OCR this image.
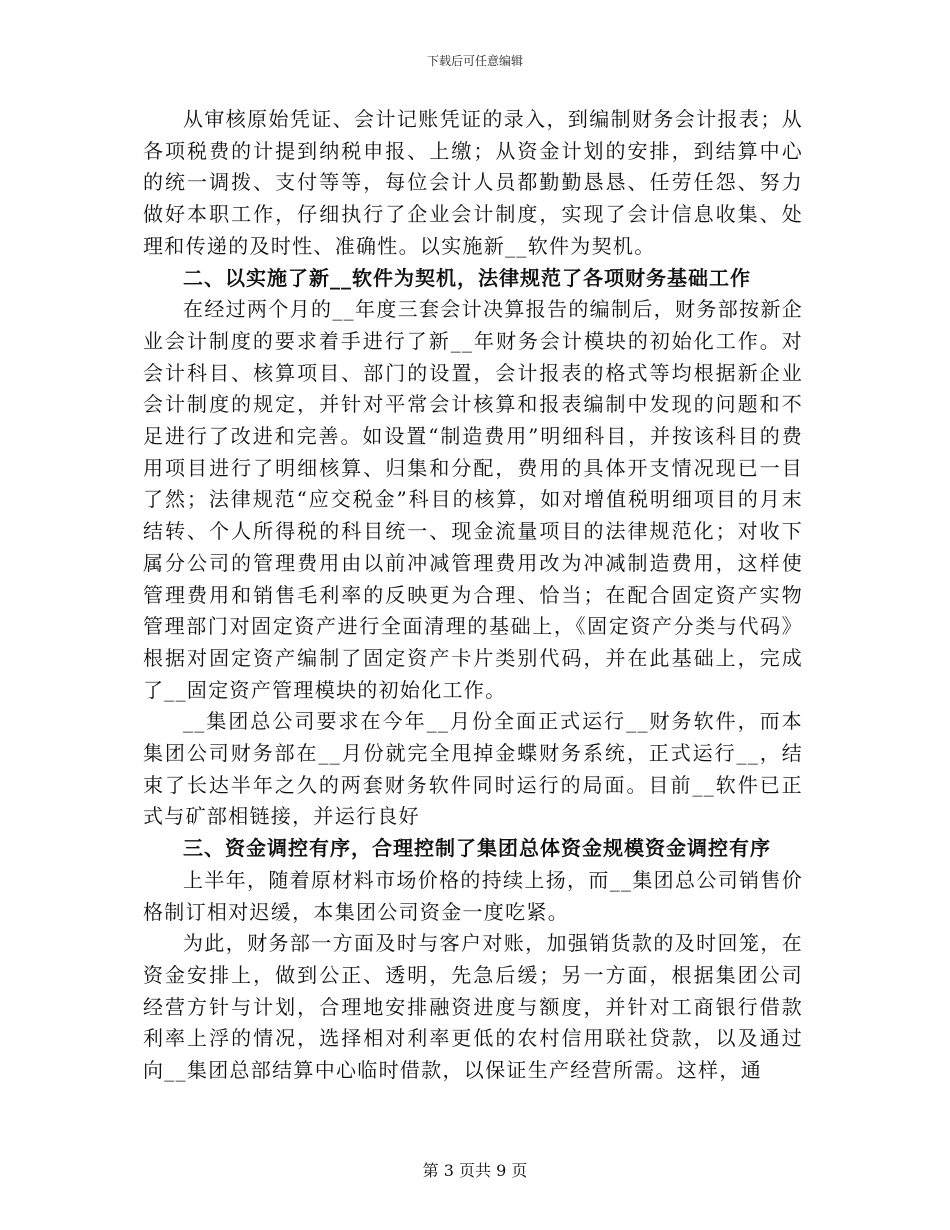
下载后可任意编辑

从审核原始凭证、会计记账凭证的录入，到编制财务会计报表；从各项税费的计提到纳税申报、上缴；从资金计划的安排，到结算中心的统一调拨、支付等等，每位会计人员都勤勤恳恳、任劳任怨、努力做好本职工作，仔细执行了企业会计制度，实现了会计信息收集、处理和传递的及时性、准确性。以实施新__软件为契机。

二、以实施了新__软件为契机，法律规范了各项财务基础工作

在经过两个月的__年度三套会计决算报告的编制后，财务部按新企业会计制度的要求着手进行了新__年财务会计模块的初始化工作。对会计科目、核算项目、部门的设置，会计报表的格式等均根据新企业会计制度的规定，并针对平常会计核算和报表编制中发现的问题和不足进行了改进和完善。如设置“制造费用”明细科目，并按该科目的费用项目进行了明细核算、归集和分配，费用的具体开支情况现已一目了然；法律规范“应交税金”科目的核算，如对增值税明细项目的月末结转、个人所得税的科目统一、现金流量项目的法律规范化；对收下属分公司的管理费用由以前冲减管理费用改为冲减制造费用，这样使管理费用和销售毛利率的反映更为合理、恰当；在配合固定资产实物管理部门对固定资产进行全面清理的基础上，《固定资产分类与代码》根据对固定资产编制了固定资产卡片类别代码，并在此基础上，完成了__固定资产管理模块的初始化工作。

__集团总公司要求在今年__月份全面正式运行__财务软件，而本集团公司财务部在__月份就完全甩掉金蝶财务系统，正式运行__，结束了长达半年之久的两套财务软件同时运行的局面。目前__软件已正式与矿部相链接，并运行良好

三、资金调控有序，合理控制了集团总体资金规模资金调控有序

上半年，随着原材料市场价格的持续上扬，而__集团总公司销售价格制订相对迟缓，本集团公司资金一度吃紧。

为此，财务部一方面及时与客户对账，加强销货款的及时回笼，在资金安排上，做到公正、透明，先急后缓；另一方面，根据集团公司经营方针与计划，合理地安排融资进度与额度，并针对工商银行借款利率上浮的情况，选择相对利率更低的农村信用联社贷款，以及通过向__集团总部结算中心临时借款，以保证生产经营所需。这样，通

第 3 页共 9 页
